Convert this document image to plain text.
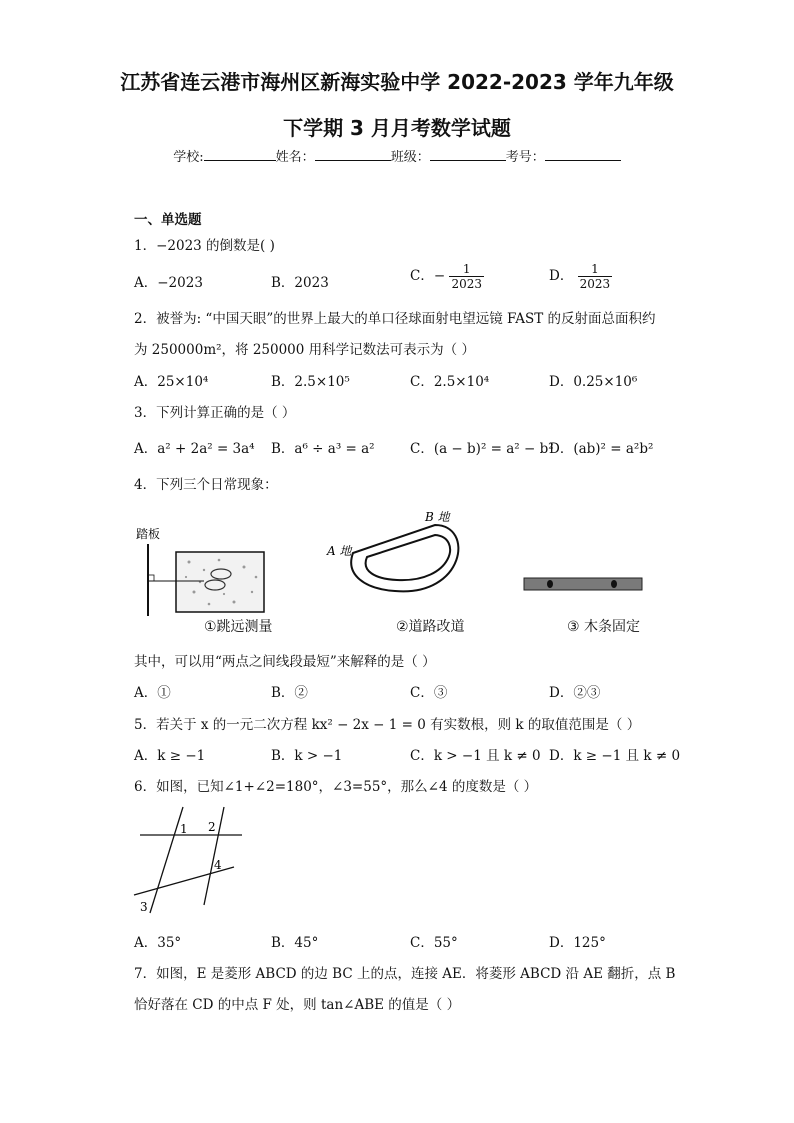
江苏省连云港市海州区新海实验中学 2022-2023 学年九年级
下学期 3 月月考数学试题
学校:	姓名：	班级：	考号：
一、单选题
1．−2023 的倒数是( )
A．−2023	B．2023	C．− $\frac{1}{2023}$	D． $\frac{1}{2023}$
2．被誉为: “中国天眼”的世界上最大的单口径球面射电望远镜 FAST 的反射面总面积约
为 250000m²，将 250000 用科学记数法可表示为（ ）
A．25×10⁴	B．2.5×10⁵	C．2.5×10⁴	D．0.25×10⁶
3．下列计算正确的是（ ）
A．a² + 2a² = 3a⁴ B．a⁶ ÷ a³ = a²	C．(a − b)² = a² − b²
D．(ab)² = a²b²
4．下列三个日常现象：
踏板
①跳远测量
B 地
A 地
②道路改道	③ 木条固定
其中，可以用“两点之间线段最短”来解释的是（ ）
A．①	B．②	C．③	D．②③
5．若关于 x 的一元二次方程 kx² − 2x − 1 = 0 有实数根，则 k 的取值范围是（ ）
A．k ≥ −1	B．k > −1	C．k > −1 且 k ≠ 0 D．k ≥ −1 且 k ≠ 0
6．如图，已知∠1+∠2=180°，∠3=55°，那么∠4 的度数是（ ）
1 2
3
4
A．35°	B．45°	C．55°	D．125°
7．如图，E 是菱形 ABCD 的边 BC 上的点，连接 AE．将菱形 ABCD 沿 AE 翻折，点 B
恰好落在 CD 的中点 F 处，则 tan∠ABE 的值是（ ）
